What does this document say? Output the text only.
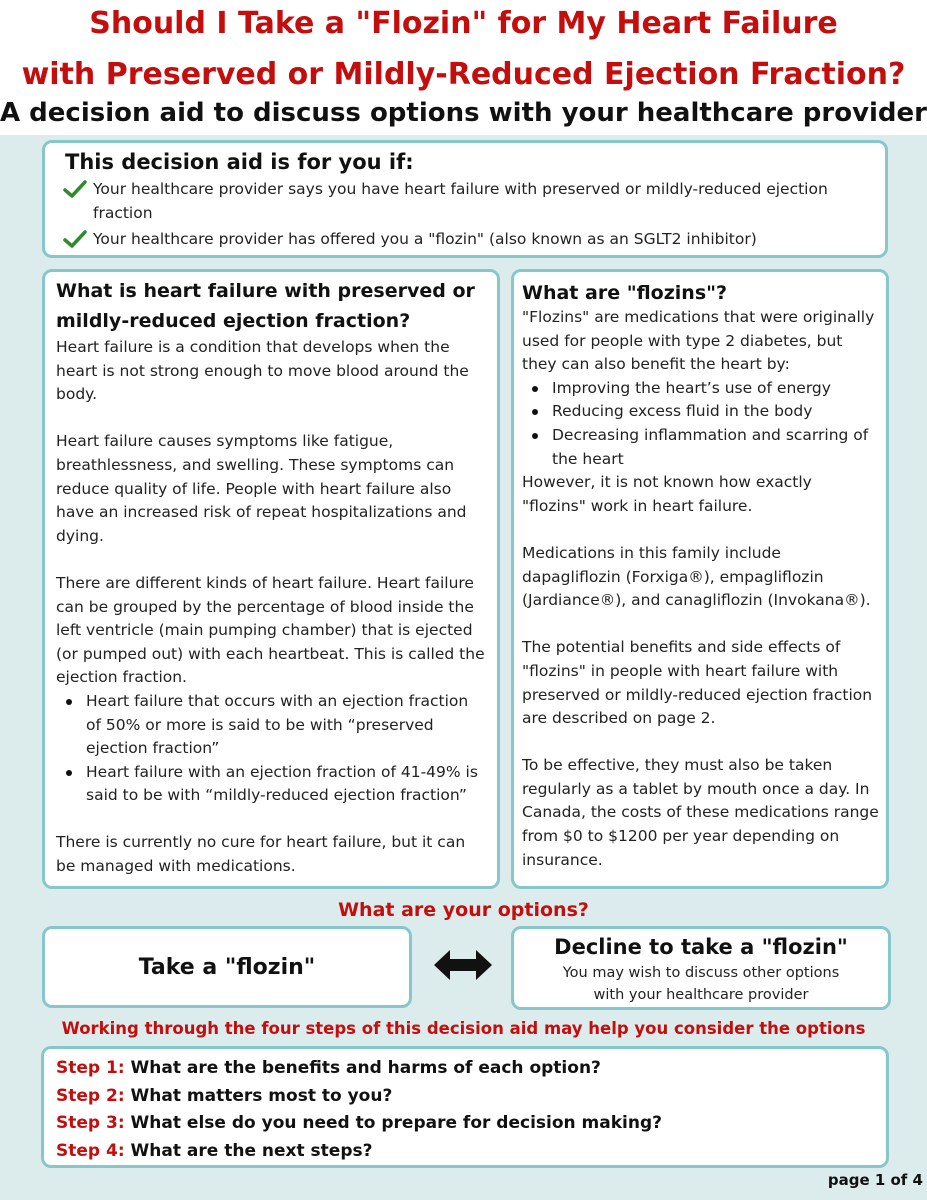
Should I Take a "Flozin" for My Heart Failure
with Preserved or Mildly-Reduced Ejection Fraction?
A decision aid to discuss options with your healthcare provider
This decision aid is for you if:
Your healthcare provider says you have heart failure with preserved or mildly-reduced ejection fraction
Your healthcare provider has offered you a "flozin" (also known as an SGLT2 inhibitor)
What is heart failure with preserved or mildly-reduced ejection fraction?
Heart failure is a condition that develops when the heart is not strong enough to move blood around the body.
Heart failure causes symptoms like fatigue, breathlessness, and swelling. These symptoms can reduce quality of life. People with heart failure also have an increased risk of repeat hospitalizations and dying.
There are different kinds of heart failure. Heart failure can be grouped by the percentage of blood inside the left ventricle (main pumping chamber) that is ejected (or pumped out) with each heartbeat. This is called the ejection fraction.
Heart failure that occurs with an ejection fraction of 50% or more is said to be with “preserved ejection fraction”
Heart failure with an ejection fraction of 41-49% is said to be with “mildly-reduced ejection fraction”
There is currently no cure for heart failure, but it can be managed with medications.
What are "flozins"?
"Flozins" are medications that were originally used for people with type 2 diabetes, but they can also benefit the heart by:
Improving the heart’s use of energy
Reducing excess fluid in the body
Decreasing inflammation and scarring of the heart
However, it is not known how exactly "flozins" work in heart failure.
Medications in this family include dapagliflozin (Forxiga®), empagliflozin (Jardiance®), and canagliflozin (Invokana®).
The potential benefits and side effects of "flozins" in people with heart failure with preserved or mildly-reduced ejection fraction are described on page 2.
To be effective, they must also be taken regularly as a tablet by mouth once a day. In Canada, the costs of these medications range from $0 to $1200 per year depending on insurance.
What are your options?
Take a "flozin"
Decline to take a "flozin"
You may wish to discuss other options
with your healthcare provider
Working through the four steps of this decision aid may help you consider the options
Step 1: What are the benefits and harms of each option?
Step 2: What matters most to you?
Step 3: What else do you need to prepare for decision making?
Step 4: What are the next steps?
page 1 of 4
